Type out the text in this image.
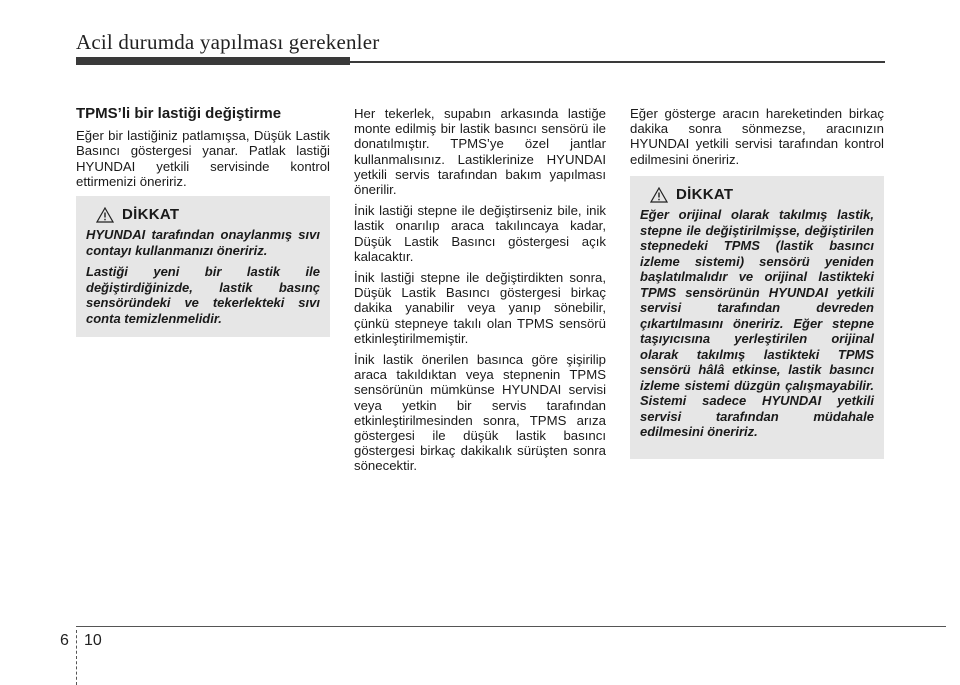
Acil durumda yapılması gerekenler
TPMS’li bir lastiği değiştirme

Eğer bir lastiğiniz patlamışsa, Düşük Lastik Basıncı göstergesi yanar. Patlak lastiği HYUNDAI yetkili servisinde kontrol ettirmenizi öneririz.

DİKKAT

HYUNDAI tarafından onaylanmış sıvı contayı kullanmanızı öneririz.

Lastiği yeni bir lastik ile değiştirdiğinizde, lastik basınç sensöründeki ve tekerlekteki sıvı conta temizlenmelidir.

Her tekerlek, supabın arkasında lastiğe monte edilmiş bir lastik basıncı sensörü ile donatılmıştır. TPMS’ye özel jantlar kullanmalısınız. Lastiklerinize HYUNDAI yetkili servis tarafından bakım yapılması önerilir.

İnik lastiği stepne ile değiştirseniz bile, inik lastik onarılıp araca takılıncaya kadar, Düşük Lastik Basıncı göstergesi açık kalacaktır.

İnik lastiği stepne ile değiştirdikten sonra, Düşük Lastik Basıncı göstergesi birkaç dakika yanabilir veya yanıp sönebilir, çünkü stepneye takılı olan TPMS sensörü etkinleştirilmemiştir.

İnik lastik önerilen basınca göre şişirilip araca takıldıktan veya stepnenin TPMS sensörünün mümkünse HYUNDAI servisi veya yetkin bir servis tarafından etkinleştirilmesinden sonra, TPMS arıza göstergesi ile düşük lastik basıncı göstergesi birkaç dakikalık sürüşten sonra sönecektir.

Eğer gösterge aracın hareketinden birkaç dakika sonra sönmezse, aracınızın HYUNDAI yetkili servisi tarafından kontrol edilmesini öneririz.

DİKKAT

Eğer orijinal olarak takılmış lastik, stepne ile değiştirilmişse, değiştirilen stepnedeki TPMS (lastik basıncı izleme sistemi) sensörü yeniden başlatılmalıdır ve orijinal lastikteki TPMS sensörünün HYUNDAI yetkili servisi tarafından devreden çıkartılmasını öneririz. Eğer stepne taşıyıcısına yerleştirilen orijinal olarak takılmış lastikteki TPMS sensörü hâlâ etkinse, lastik basıncı izleme sistemi düzgün çalışmayabilir. Sistemi sadece HYUNDAI yetkili servisi tarafından müdahale edilmesini öneririz.

6 10
